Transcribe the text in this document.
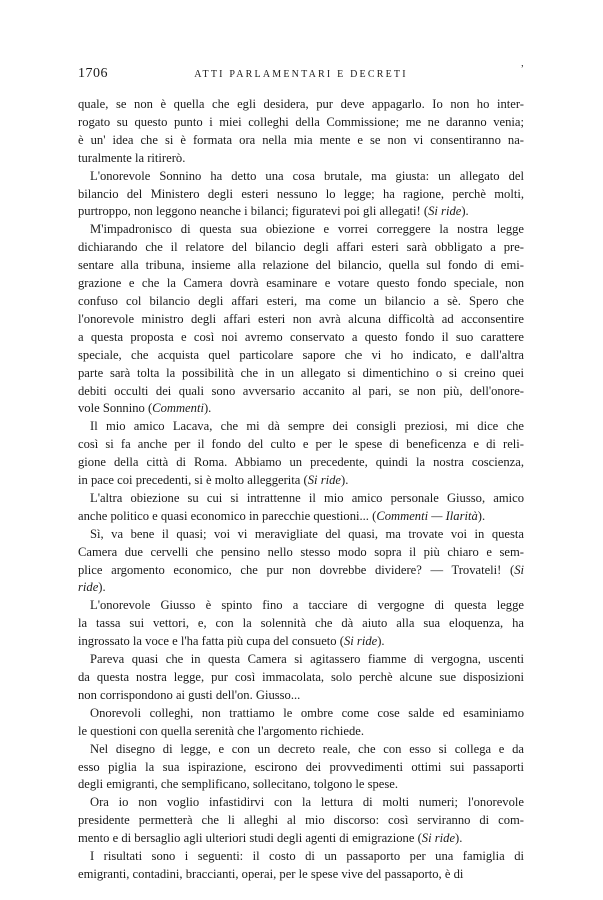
1706	ATTI PARLAMENTARI E DECRETI	’
quale, se non è quella che egli desidera, pur deve appagarlo. Io non ho inter-
rogato su questo punto i miei colleghi della Commissione; me ne daranno venia;
è un' idea che si è formata ora nella mia mente e se non vi consentiranno na-
turalmente la ritirerò.
L'onorevole Sonnino ha detto una cosa brutale, ma giusta: un allegato del
bilancio del Ministero degli esteri nessuno lo legge; ha ragione, perchè molti,
purtroppo, non leggono neanche i bilanci; figuratevi poi gli allegati! (Si ride).
M'impadronisco di questa sua obiezione e vorrei correggere la nostra legge
dichiarando che il relatore del bilancio degli affari esteri sarà obbligato a pre-
sentare alla tribuna, insieme alla relazione del bilancio, quella sul fondo di emi-
grazione e che la Camera dovrà esaminare e votare questo fondo speciale, non
confuso col bilancio degli affari esteri, ma come un bilancio a sè. Spero che
l'onorevole ministro degli affari esteri non avrà alcuna difficoltà ad acconsentire
a questa proposta e così noi avremo conservato a questo fondo il suo carattere
speciale, che acquista quel particolare sapore che vi ho indicato, e dall'altra
parte sarà tolta la possibilità che in un allegato si dimentichino o si creino quei
debiti occulti dei quali sono avversario accanito al pari, se non più, dell'onore-
vole Sonnino (Commenti).
Il mio amico Lacava, che mi dà sempre dei consigli preziosi, mi dice che
così si fa anche per il fondo del culto e per le spese di beneficenza e di reli-
gione della città di Roma. Abbiamo un precedente, quindi la nostra coscienza,
in pace coi precedenti, si è molto alleggerita (Si ride).
L'altra obiezione su cui si intrattenne il mio amico personale Giusso, amico
anche politico e quasi economico in parecchie questioni... (Commenti — Ilarità).
Sì, va bene il quasi; voi vi meravigliate del quasi, ma trovate voi in questa
Camera due cervelli che pensino nello stesso modo sopra il più chiaro e sem-
plice argomento economico, che pur non dovrebbe dividere? — Trovateli! (Si
ride).
L'onorevole Giusso è spinto fino a tacciare di vergogne di questa legge
la tassa sui vettori, e, con la solennità che dà aiuto alla sua eloquenza, ha
ingrossato la voce e l'ha fatta più cupa del consueto (Si ride).
Pareva quasi che in questa Camera si agitassero fiamme di vergogna, uscenti
da questa nostra legge, pur così immacolata, solo perchè alcune sue disposizioni
non corrispondono ai gusti dell'on. Giusso...
Onorevoli colleghi, non trattiamo le ombre come cose salde ed esaminiamo
le questioni con quella serenità che l'argomento richiede.
Nel disegno di legge, e con un decreto reale, che con esso si collega e da
esso piglia la sua ispirazione, escirono dei provvedimenti ottimi sui passaporti
degli emigranti, che semplificano, sollecitano, tolgono le spese.
Ora io non voglio infastidirvi con la lettura di molti numeri; l'onorevole
presidente permetterà che li alleghi al mio discorso: così serviranno di com-
mento e di bersaglio agli ulteriori studi degli agenti di emigrazione (Si ride).
I risultati sono i seguenti: il costo di un passaporto per una famiglia di
emigranti, contadini, braccianti, operai, per le spese vive del passaporto, è di
